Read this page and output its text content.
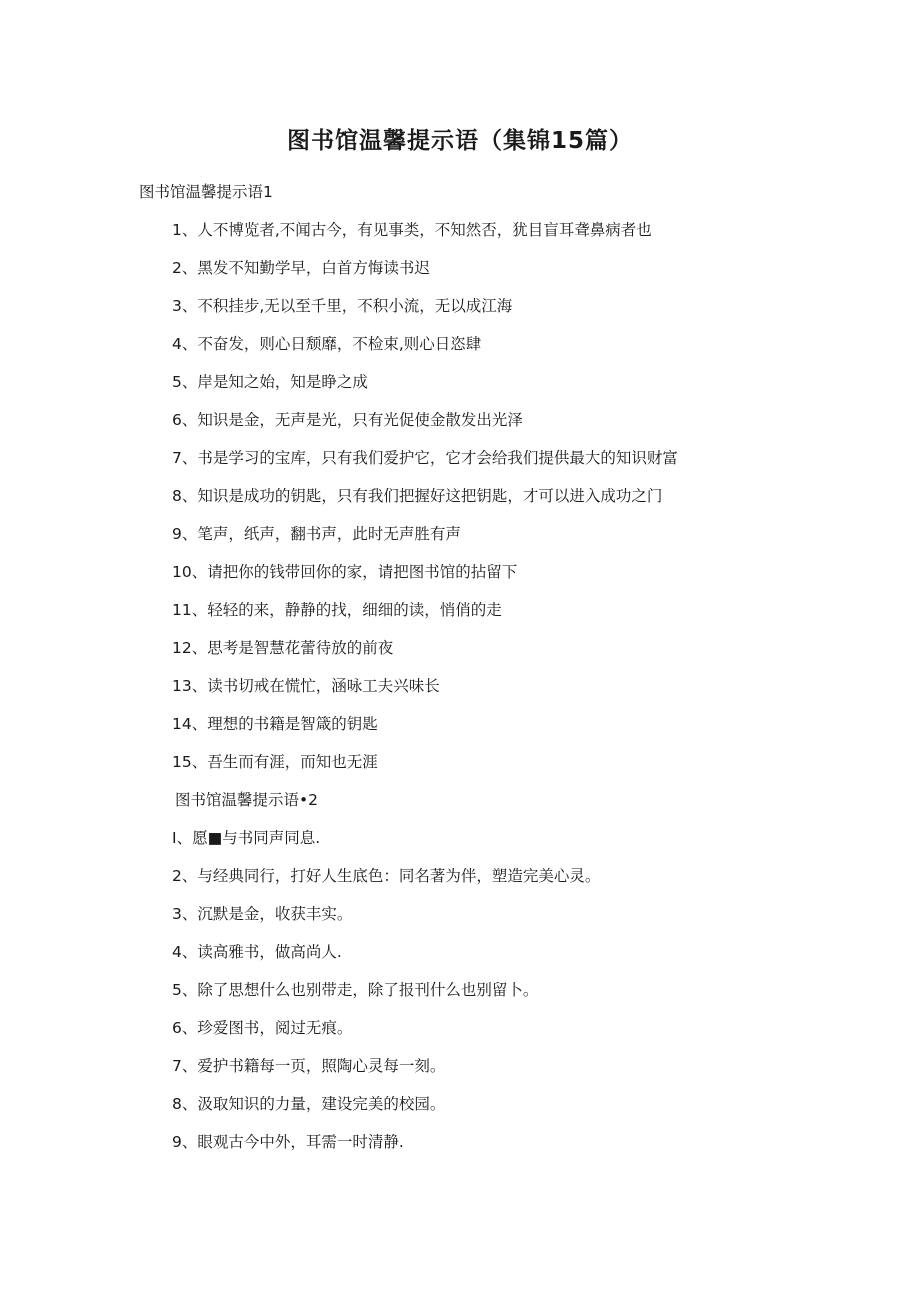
图书馆温馨提示语（集锦15篇）
图书馆温馨提示语1
1、人不博览者,不闻古今，有见事类，不知然否，犹目盲耳聋鼻病者也
2、黑发不知勤学早，白首方悔读书迟
3、不积挂步,无以至千里，不积小流，无以成江海
4、不奋发，则心日颓靡，不检束,则心日恣肆
5、岸是知之始，知是睁之成
6、知识是金，无声是光，只有光促使金散发出光泽
7、书是学习的宝库，只有我们爱护它，它才会给我们提供最大的知识财富
8、知识是成功的钥匙，只有我们把握好这把钥匙，才可以进入成功之门
9、笔声，纸声，翻书声，此时无声胜有声
10、请把你的钱带回你的家，请把图书馆的拈留下
11、轻轻的来，静静的找，细细的读，悄俏的走
12、思考是智慧花蕾待放的前夜
13、读书切戒在慌忙，涵咏工夫兴味长
14、理想的书籍是智箴的钥匙
15、吾生而有涯，而知也无涯
图书馆温馨提示语•2
I、愿■与书同声同息.
2、与经典同行，打好人生底色：同名著为伴，塑造完美心灵。
3、沉默是金，收获丰实。
4、读高雅书，做高尚人.
5、除了思想什么也别带走，除了报刊什么也别留卜。
6、珍爱图书，阅过无痕。
7、爱护书籍每一页，照陶心灵每一刻。
8、汲取知识的力量，建设完美的校园。
9、眼观古今中外，耳需一时清静.
